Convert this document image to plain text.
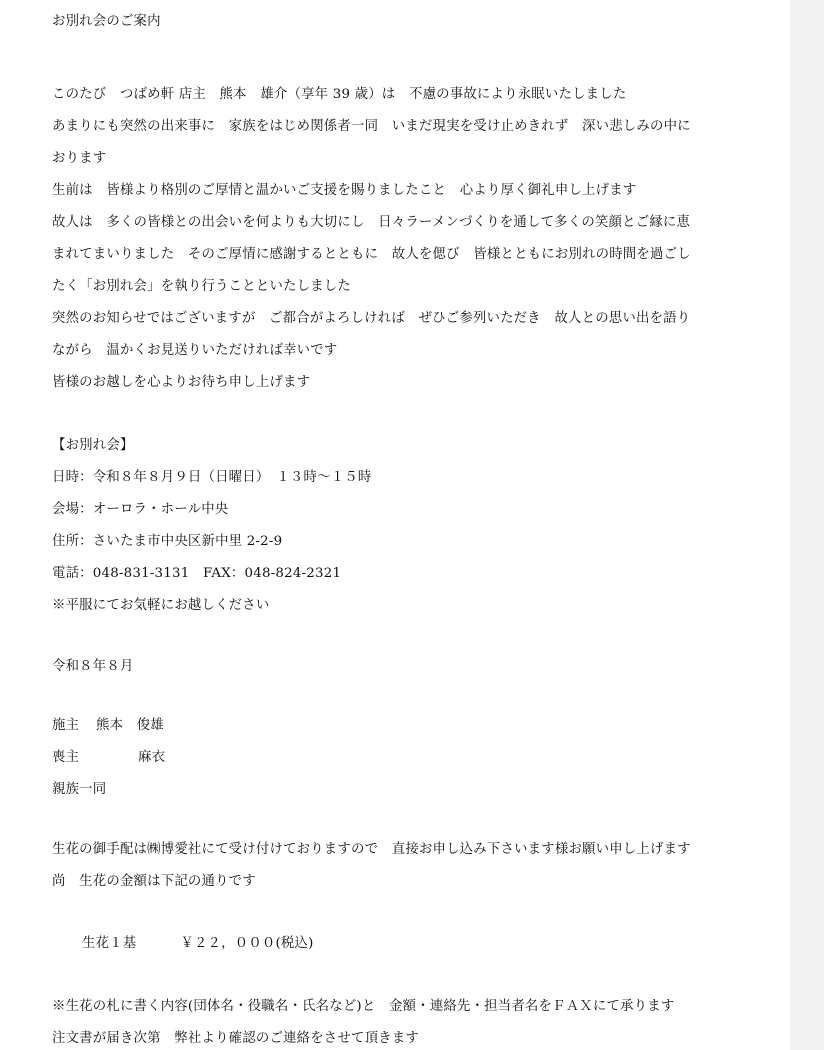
お別れ会のご案内
このたび　つばめ軒 店主　熊本　雄介（享年 39 歳）は　不慮の事故により永眠いたしました
あまりにも突然の出来事に　家族をはじめ関係者一同　いまだ現実を受け止めきれず　深い悲しみの中に
おります
生前は　皆様より格別のご厚情と温かいご支援を賜りましたこと　心より厚く御礼申し上げます
故人は　多くの皆様との出会いを何よりも大切にし　日々ラーメンづくりを通して多くの笑顔とご縁に恵
まれてまいりました　そのご厚情に感謝するとともに　故人を偲び　皆様とともにお別れの時間を過ごし
たく「お別れ会」を執り行うことといたしました
突然のお知らせではございますが　ご都合がよろしければ　ぜひご参列いただき　故人との思い出を語り
ながら　温かくお見送りいただければ幸いです
皆様のお越しを心よりお待ち申し上げます
【お別れ会】
日時：令和８年８月９日（日曜日）　１３時～１５時
会場：オーロラ・ホール中央
住所：さいたま市中央区新中里 2-2-9
電話：048-831-3131　FAX：048-824-2321
※平服にてお気軽にお越しください
令和８年８月
施主 熊本　俊雄
喪主	麻衣
親族一同
生花の御手配は㈱博愛社にて受け付けておりますので　直接お申し込み下さいます様お願い申し上げます
尚　生花の金額は下記の通りです
生花１基	￥２２，０００(税込)
※生花の札に書く内容(団体名・役職名・氏名など)と　金額・連絡先・担当者名をＦＡＸにて承ります
注文書が届き次第　弊社より確認のご連絡をさせて頂きます
